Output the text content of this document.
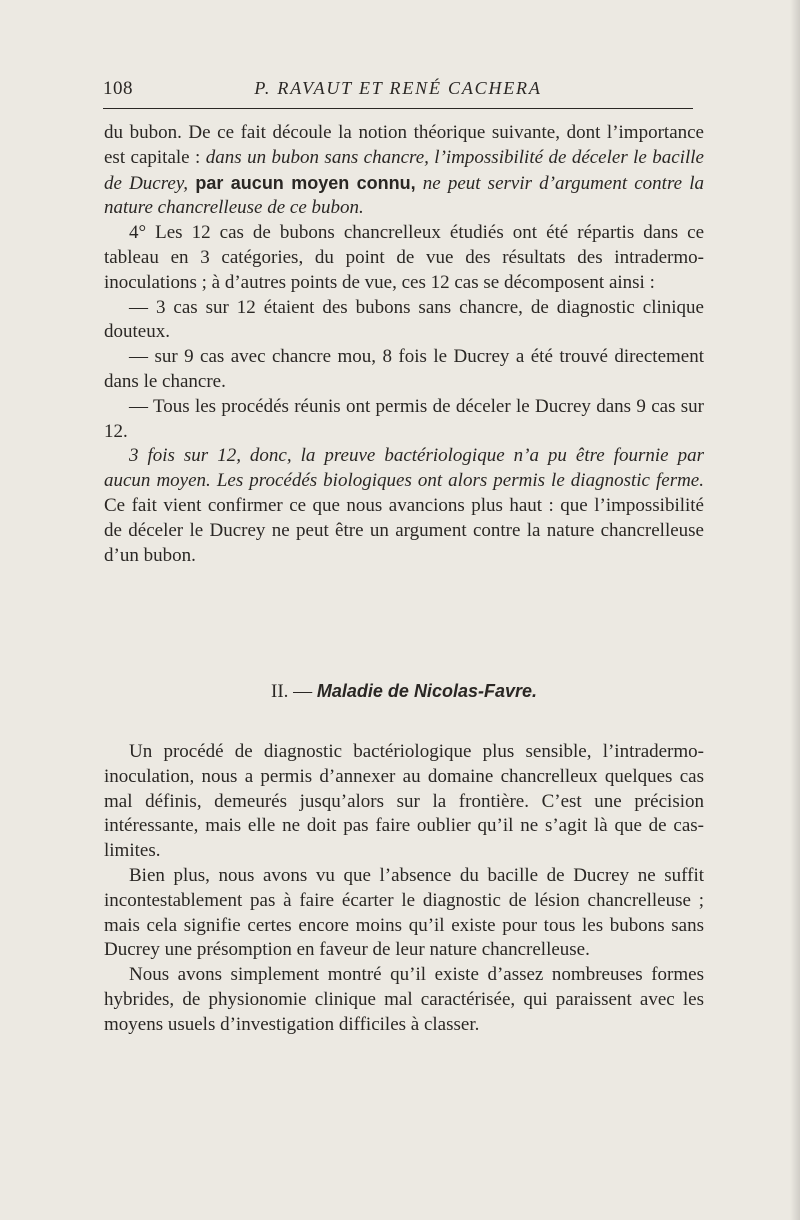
108	P. RAVAUT ET RENÉ CACHERA

du bubon. De ce fait découle la notion théorique suivante, dont l’importance est capitale : dans un bubon sans chancre, l’impossibilité de déceler le bacille de Ducrey, par aucun moyen connu, ne peut servir d’argument contre la nature chancrelleuse de ce bubon.

4° Les 12 cas de bubons chancrelleux étudiés ont été répartis dans ce tableau en 3 catégories, du point de vue des résultats des intradermo-inoculations ; à d’autres points de vue, ces 12 cas se décomposent ainsi :

— 3 cas sur 12 étaient des bubons sans chancre, de diagnostic clinique douteux.

— sur 9 cas avec chancre mou, 8 fois le Ducrey a été trouvé directement dans le chancre.

— Tous les procédés réunis ont permis de déceler le Ducrey dans 9 cas sur 12.

3 fois sur 12, donc, la preuve bactériologique n’a pu être fournie par aucun moyen. Les procédés biologiques ont alors permis le diagnostic ferme. Ce fait vient confirmer ce que nous avancions plus haut : que l’impossibilité de déceler le Ducrey ne peut être un argument contre la nature chancrelleuse d’un bubon.

II. — Maladie de Nicolas-Favre.

Un procédé de diagnostic bactériologique plus sensible, l’intradermo-inoculation, nous a permis d’annexer au domaine chancrelleux quelques cas mal définis, demeurés jusqu’alors sur la frontière. C’est une précision intéressante, mais elle ne doit pas faire oublier qu’il ne s’agit là que de cas-limites.

Bien plus, nous avons vu que l’absence du bacille de Ducrey ne suffit incontestablement pas à faire écarter le diagnostic de lésion chancrelleuse ; mais cela signifie certes encore moins qu’il existe pour tous les bubons sans Ducrey une présomption en faveur de leur nature chancrelleuse.

Nous avons simplement montré qu’il existe d’assez nombreuses formes hybrides, de physionomie clinique mal caractérisée, qui paraissent avec les moyens usuels d’investigation difficiles à classer.
